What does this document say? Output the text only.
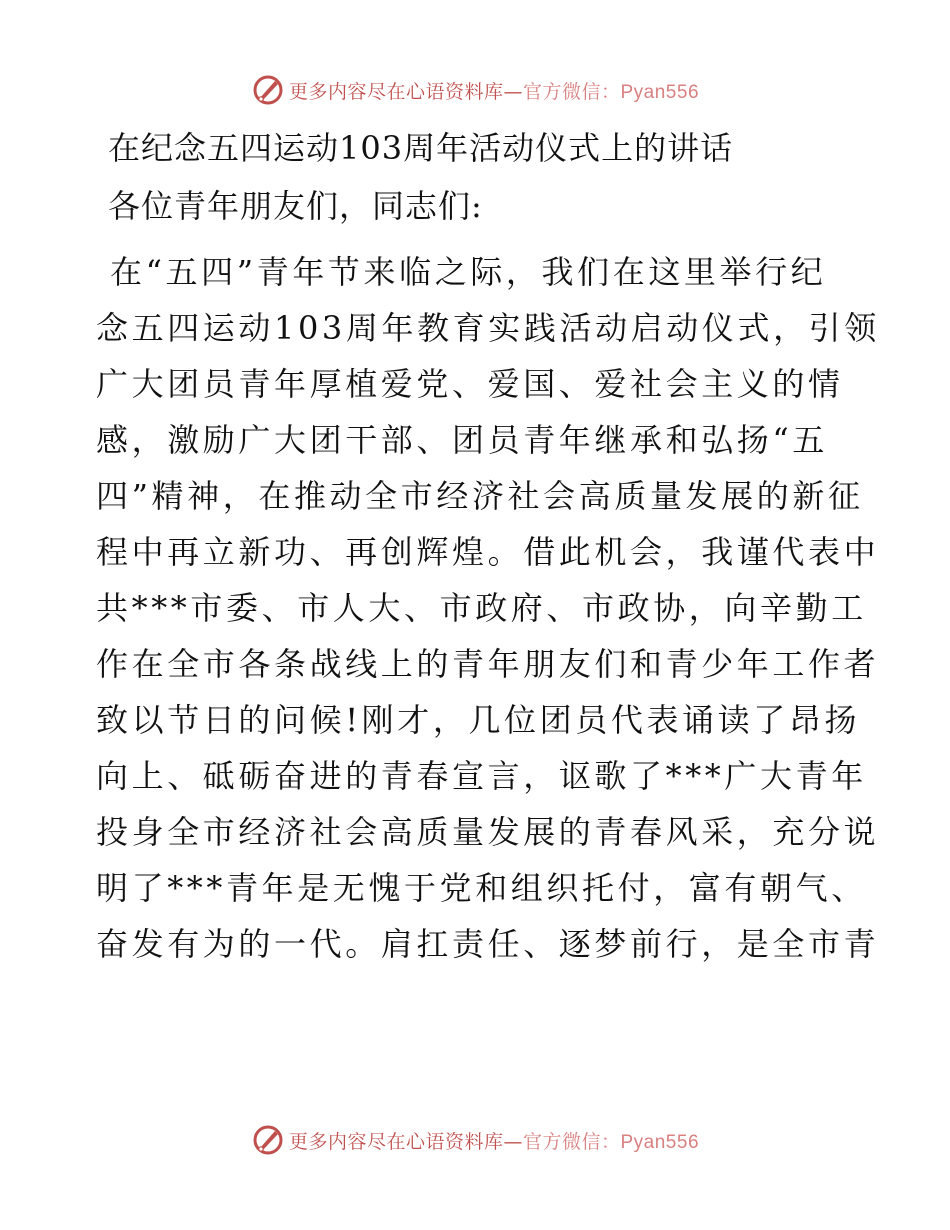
更多内容尽在心语资料库—官方微信：Pyan556
在纪念五四运动103周年活动仪式上的讲话
各位青年朋友们，同志们:
在“五四”青年节来临之际，我们在这里举行纪
念五四运动103周年教育实践活动启动仪式，引领
广大团员青年厚植爱党、爱国、爱社会主义的情
感，激励广大团干部、团员青年继承和弘扬“五
四”精神，在推动全市经济社会高质量发展的新征
程中再立新功、再创辉煌。借此机会，我谨代表中
共***市委、市人大、市政府、市政协，向辛勤工
作在全市各条战线上的青年朋友们和青少年工作者
致以节日的问候!刚才，几位团员代表诵读了昂扬
向上、砥砺奋进的青春宣言，讴歌了***广大青年
投身全市经济社会高质量发展的青春风采，充分说
明了***青年是无愧于党和组织托付，富有朝气、
奋发有为的一代。肩扛责任、逐梦前行，是全市青
更多内容尽在心语资料库—官方微信：Pyan556
